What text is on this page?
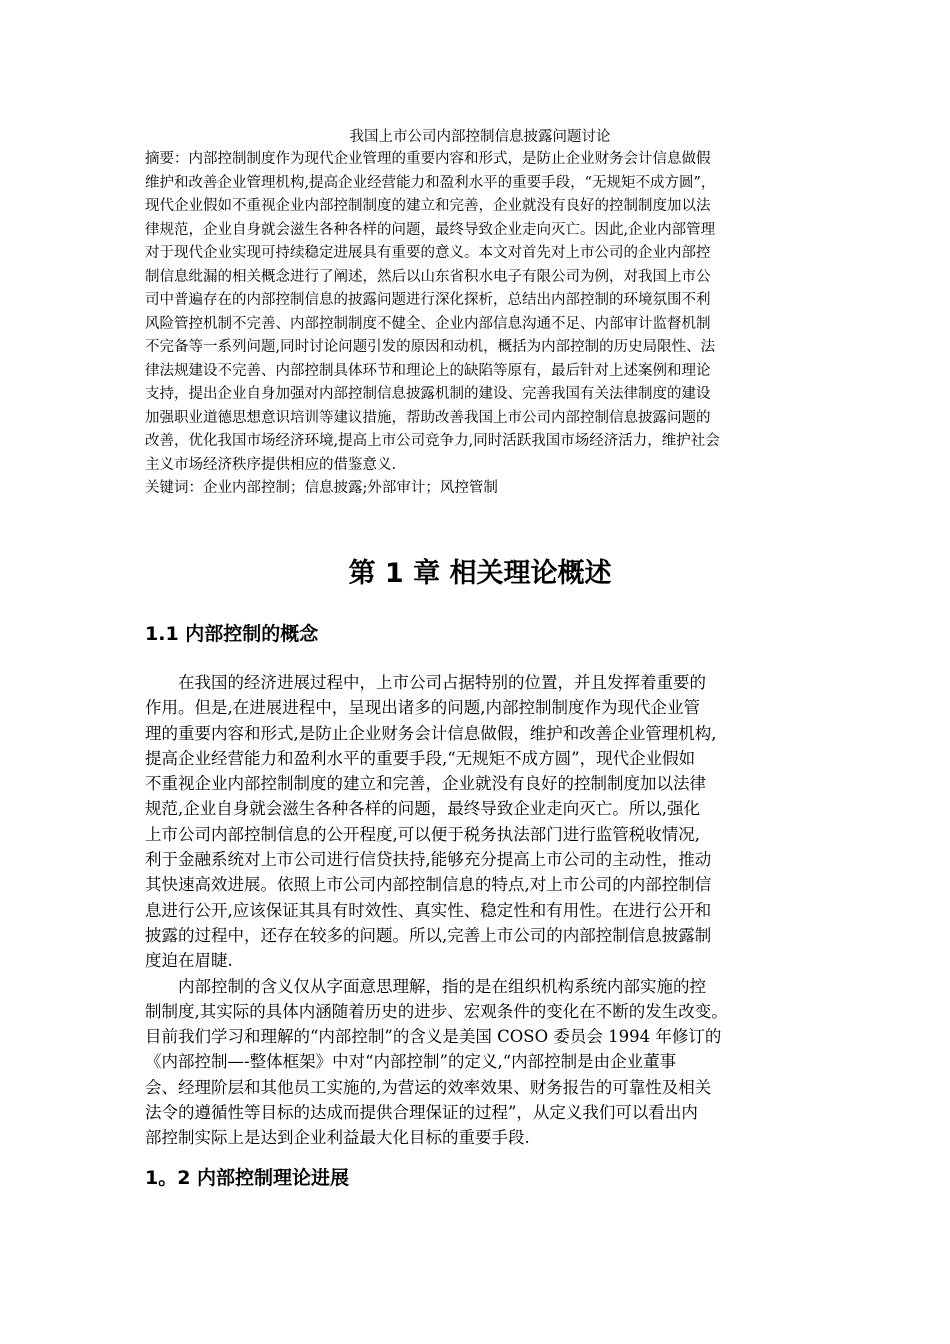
我国上市公司内部控制信息披露问题讨论

摘要：内部控制制度作为现代企业管理的重要内容和形式，是防止企业财务会计信息做假
维护和改善企业管理机构,提高企业经营能力和盈利水平的重要手段，“无规矩不成方圆”，
现代企业假如不重视企业内部控制制度的建立和完善，企业就没有良好的控制制度加以法
律规范，企业自身就会滋生各种各样的问题，最终导致企业走向灭亡。因此,企业内部管理
对于现代企业实现可持续稳定进展具有重要的意义。本文对首先对上市公司的企业内部控
制信息纰漏的相关概念进行了阐述，然后以山东省积水电子有限公司为例，对我国上市公
司中普遍存在的内部控制信息的披露问题进行深化探析，总结出内部控制的环境氛围不利
风险管控机制不完善、内部控制制度不健全、企业内部信息沟通不足、内部审计监督机制
不完备等一系列问题,同时讨论问题引发的原因和动机，概括为内部控制的历史局限性、法
律法规建设不完善、内部控制具体环节和理论上的缺陷等原有，最后针对上述案例和理论
支持，提出企业自身加强对内部控制信息披露机制的建设、完善我国有关法律制度的建设
加强职业道德思想意识培训等建议措施，帮助改善我国上市公司内部控制信息披露问题的
改善，优化我国市场经济环境,提高上市公司竞争力,同时活跃我国市场经济活力，维护社会
主义市场经济秩序提供相应的借鉴意义.

关键词：企业内部控制；信息披露;外部审计；风控管制

第 1 章 相关理论概述
1.1 内部控制的概念
　　在我国的经济进展过程中，上市公司占据特别的位置，并且发挥着重要的
作用。但是,在进展进程中，呈现出诸多的问题,内部控制制度作为现代企业管
理的重要内容和形式,是防止企业财务会计信息做假，维护和改善企业管理机构,
提高企业经营能力和盈利水平的重要手段,“无规矩不成方圆”，现代企业假如
不重视企业内部控制制度的建立和完善，企业就没有良好的控制制度加以法律
规范,企业自身就会滋生各种各样的问题，最终导致企业走向灭亡。所以,强化
上市公司内部控制信息的公开程度,可以便于税务执法部门进行监管税收情况,
利于金融系统对上市公司进行信贷扶持,能够充分提高上市公司的主动性，推动
其快速高效进展。依照上市公司内部控制信息的特点,对上市公司的内部控制信
息进行公开,应该保证其具有时效性、真实性、稳定性和有用性。在进行公开和
披露的过程中，还存在较多的问题。所以,完善上市公司的内部控制信息披露制
度迫在眉睫.
　　内部控制的含义仅从字面意思理解，指的是在组织机构系统内部实施的控
制制度,其实际的具体内涵随着历史的进步、宏观条件的变化在不断的发生改变。
目前我们学习和理解的“内部控制”的含义是美国 COSO 委员会 1994 年修订的
《内部控制—-整体框架》中对“内部控制”的定义,“内部控制是由企业董事
会、经理阶层和其他员工实施的,为营运的效率效果、财务报告的可靠性及相关
法令的遵循性等目标的达成而提供合理保证的过程”，从定义我们可以看出内
部控制实际上是达到企业利益最大化目标的重要手段.
1。2 内部控制理论进展
